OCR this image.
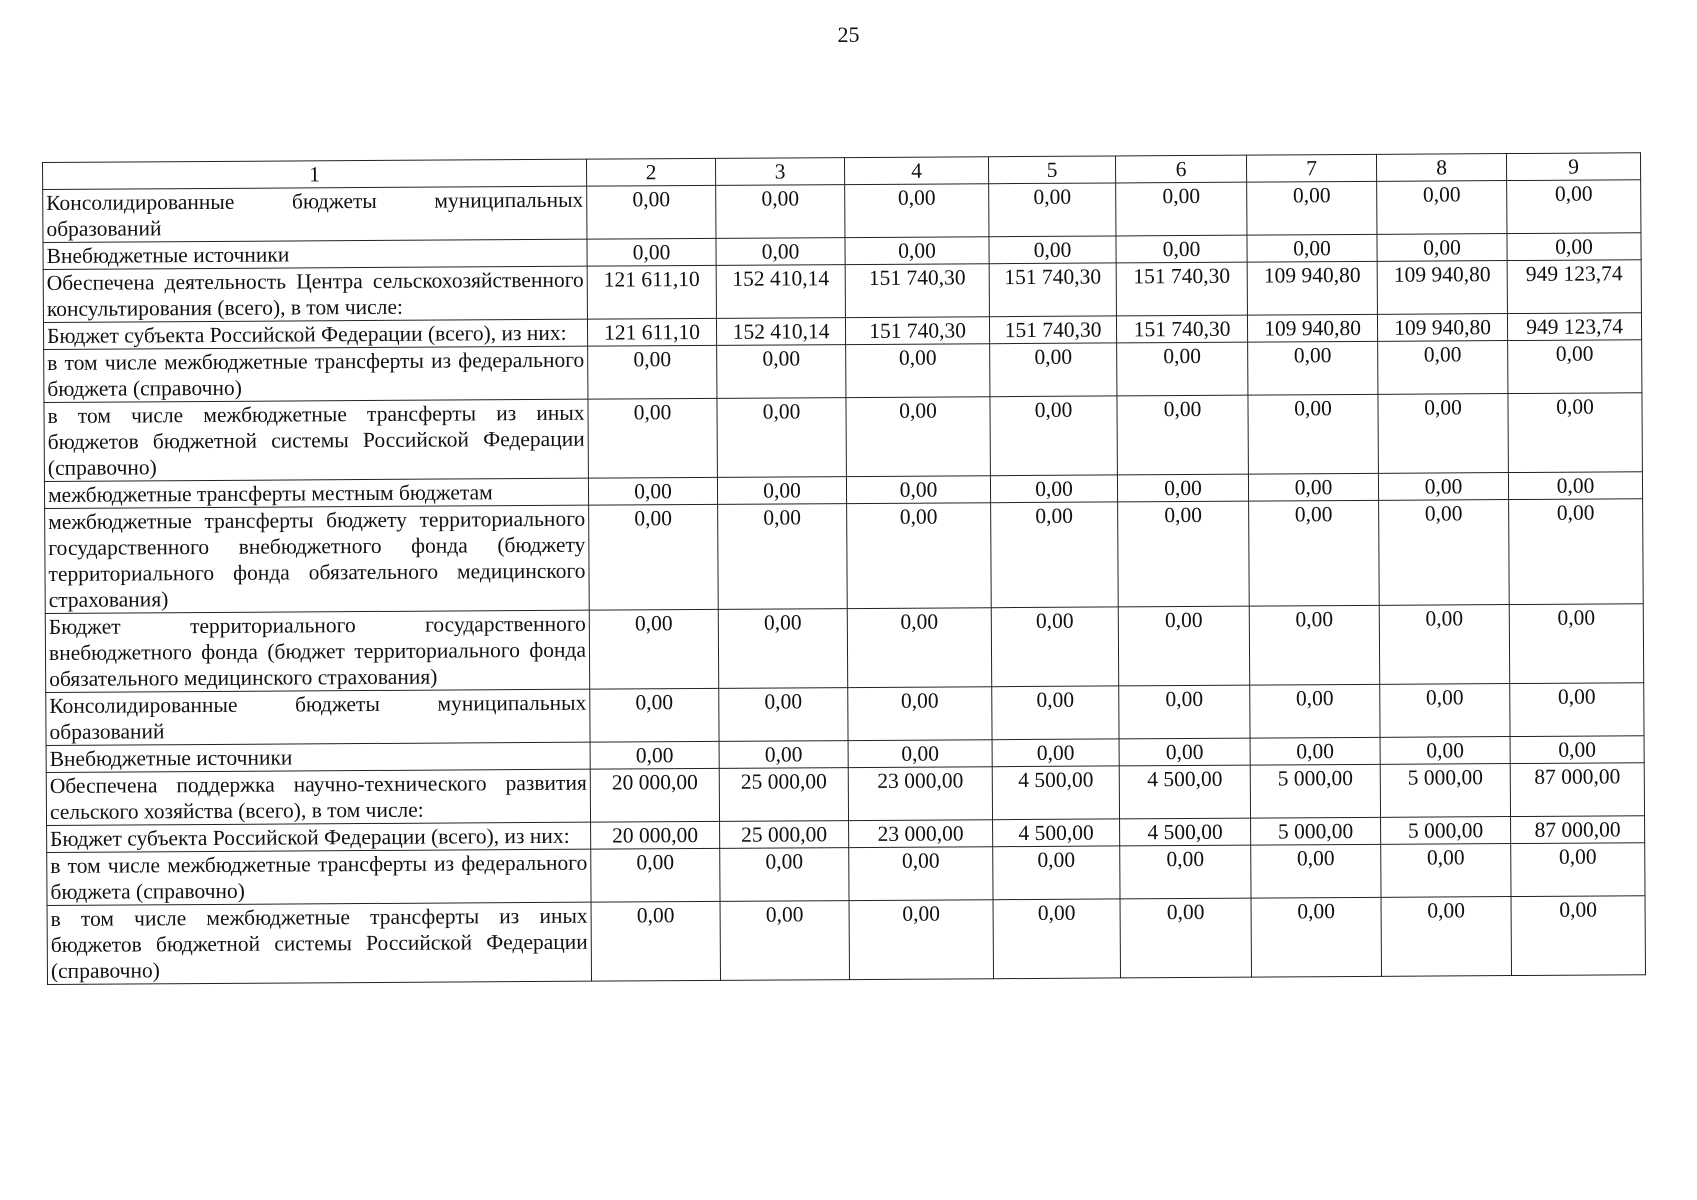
25
1	2	3	4	5	6	7	8	9
Консолидированные бюджеты муниципальных образований	0,00	0,00	0,00	0,00	0,00	0,00	0,00	0,00
Внебюджетные источники	0,00	0,00	0,00	0,00	0,00	0,00	0,00	0,00
Обеспечена деятельность Центра сельскохозяйственного консультирования (всего), в том числе:	121 611,10	152 410,14	151 740,30	151 740,30	151 740,30	109 940,80	109 940,80	949 123,74
Бюджет субъекта Российской Федерации (всего), из них:	121 611,10	152 410,14	151 740,30	151 740,30	151 740,30	109 940,80	109 940,80	949 123,74
в том числе межбюджетные трансферты из федерального бюджета (справочно)	0,00	0,00	0,00	0,00	0,00	0,00	0,00	0,00
в том числе межбюджетные трансферты из иных бюджетов бюджетной системы Российской Федерации (справочно)	0,00	0,00	0,00	0,00	0,00	0,00	0,00	0,00
межбюджетные трансферты местным бюджетам	0,00	0,00	0,00	0,00	0,00	0,00	0,00	0,00
межбюджетные трансферты бюджету территориального государственного внебюджетного фонда (бюджету территориального фонда обязательного медицинского страхования)	0,00	0,00	0,00	0,00	0,00	0,00	0,00	0,00
Бюджет территориального государственного внебюджетного фонда (бюджет территориального фонда обязательного медицинского страхования)	0,00	0,00	0,00	0,00	0,00	0,00	0,00	0,00
Консолидированные бюджеты муниципальных образований	0,00	0,00	0,00	0,00	0,00	0,00	0,00	0,00
Внебюджетные источники	0,00	0,00	0,00	0,00	0,00	0,00	0,00	0,00
Обеспечена поддержка научно-технического развития сельского хозяйства (всего), в том числе:	20 000,00	25 000,00	23 000,00	4 500,00	4 500,00	5 000,00	5 000,00	87 000,00
Бюджет субъекта Российской Федерации (всего), из них:	20 000,00	25 000,00	23 000,00	4 500,00	4 500,00	5 000,00	5 000,00	87 000,00
в том числе межбюджетные трансферты из федерального бюджета (справочно)	0,00	0,00	0,00	0,00	0,00	0,00	0,00	0,00
в том числе межбюджетные трансферты из иных бюджетов бюджетной системы Российской Федерации (справочно)	0,00	0,00	0,00	0,00	0,00	0,00	0,00	0,00
